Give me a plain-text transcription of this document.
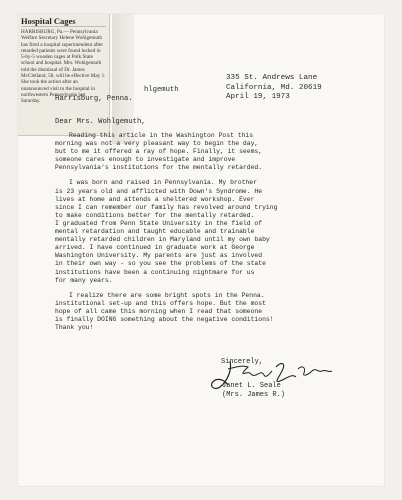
Hospital Cages

HARRISBURG, Pa.— Pennsylvania Welfare Secretary Helene Wohlgemuth has fired a hospital superintendent after retarded patients were found locked in 5-by-5 wooden cages at Polk State school and hospital. Mrs. Wohlgemuth told the dismissal of Dr. James McClelland, 58, will be effective May 1. She took the action after an unannounced visit to the hospital in northwestern Pennsylvania last Saturday.

335 St. Andrews Lane
California, Md. 20619
April 19, 1973
hlgemuth
Harrisburg, Penna.
Dear Mrs. Wohlgemuth,

Reading this article in the Washington Post this
morning was not a very pleasant way to begin the day,
but to me it offered a ray of hope. Finally, it seems,
someone cares enough to investigate and improve
Pennsylvania's institutions for the mentally retarded.

I was born and raised in Pennsylvania. My brother
is 23 years old and afflicted with Down's Syndrome. He
lives at home and attends a sheltered workshop. Ever
since I can remember our family has revolved around trying
to make conditions better for the mentally retarded.
I graduated from Penn State University in the field of
mental retardation and taught educable and trainable
mentally retarded children in Maryland until my own baby
arrived. I have continued in graduate work at George
Washington University. My parents are just as involved
in their own way - so you see the problems of the state
institutions have been a continuing nightmare for us
for many years.

I realize there are some bright spots in the Penna.
institutional set-up and this offers hope. But the most
hope of all came this morning when I read that someone
is finally DOING something about the negative conditions!
Thank you!

Sincerely,
Janet L. Seale
(Mrs. James R.)
